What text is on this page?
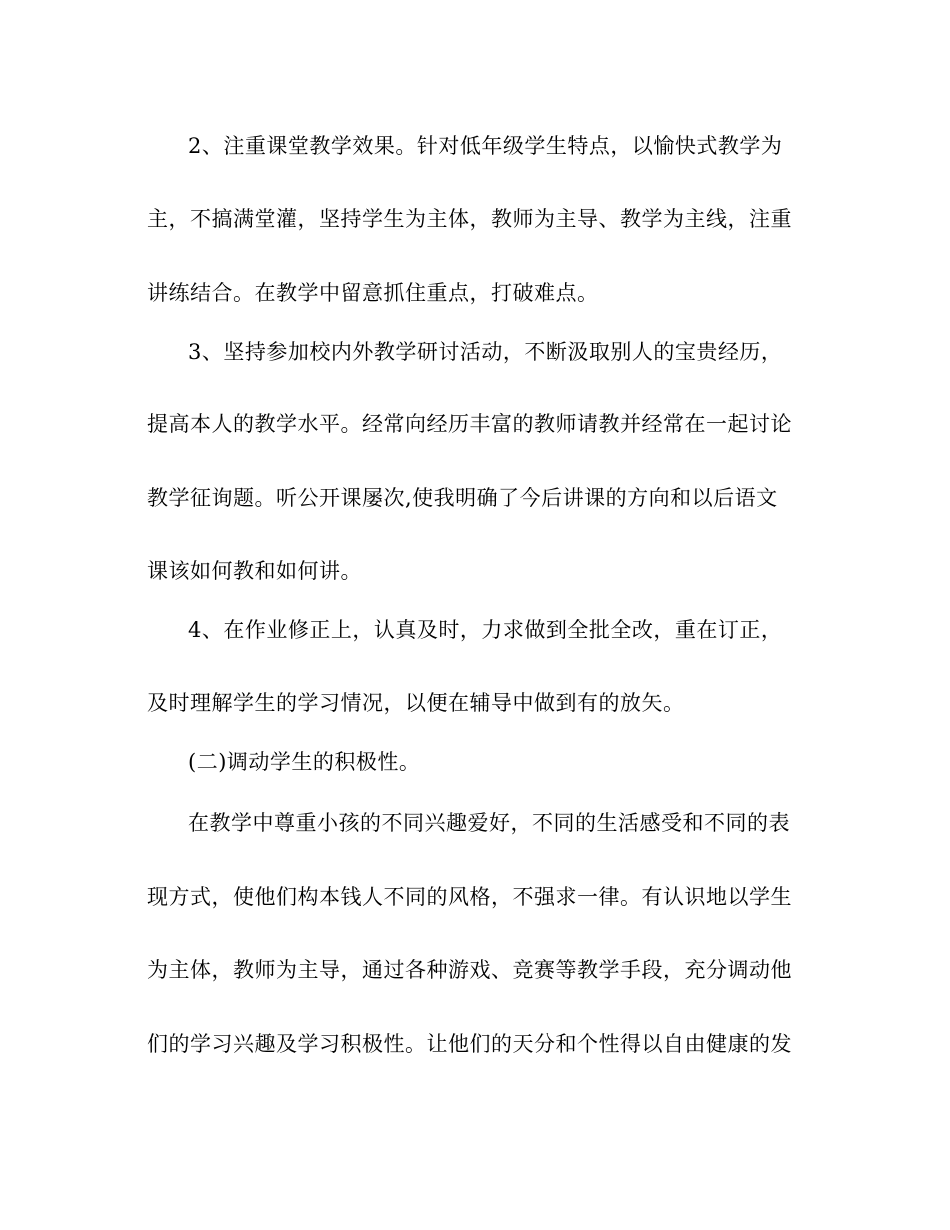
2、注重课堂教学效果。针对低年级学生特点，以愉快式教学为
主，不搞满堂灌，坚持学生为主体，教师为主导、教学为主线，注重
讲练结合。在教学中留意抓住重点，打破难点。
3、坚持参加校内外教学研讨活动，不断汲取别人的宝贵经历，
提高本人的教学水平。经常向经历丰富的教师请教并经常在一起讨论
教学征询题。听公开课屡次,使我明确了今后讲课的方向和以后语文
课该如何教和如何讲。
4、在作业修正上，认真及时，力求做到全批全改，重在订正，
及时理解学生的学习情况，以便在辅导中做到有的放矢。
(二)调动学生的积极性。
在教学中尊重小孩的不同兴趣爱好，不同的生活感受和不同的表
现方式，使他们构本钱人不同的风格，不强求一律。有认识地以学生
为主体，教师为主导，通过各种游戏、竞赛等教学手段，充分调动他
们的学习兴趣及学习积极性。让他们的天分和个性得以自由健康的发
